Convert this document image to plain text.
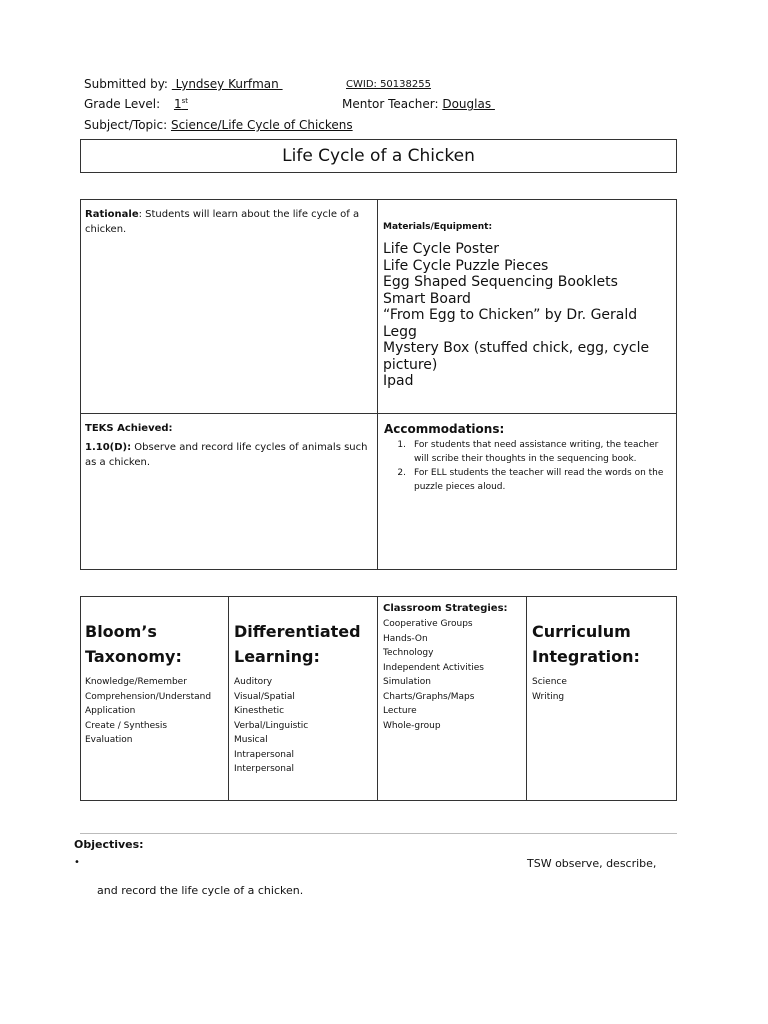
Submitted by:  Lyndsey Kurfman	CWID: 50138255
Grade Level: 1st	Mentor Teacher: Douglas
Subject/Topic: Science/Life Cycle of Chickens
Life Cycle of a Chicken
Rationale: Students will learn about the life cycle of a chicken.	Materials/Equipment:
Life Cycle Poster
Life Cycle Puzzle Pieces
Egg Shaped Sequencing Booklets
Smart Board
“From Egg to Chicken” by Dr. Gerald Legg
Mystery Box (stuffed chick, egg, cycle picture)
Ipad
TEKS Achieved:
1.10(D): Observe and record life cycles of animals such as a chicken.
Accommodations:
1. For students that need assistance writing, the teacher will scribe their thoughts in the sequencing book.
2. For ELL students the teacher will read the words on the puzzle pieces aloud.
Bloom’s Taxonomy:
Knowledge/Remember
Comprehension/Understand
Application
Create / Synthesis
Evaluation
Differentiated Learning:
Auditory
Visual/Spatial
Kinesthetic
Verbal/Linguistic
Musical
Intrapersonal
Interpersonal
Classroom Strategies:
Cooperative Groups
Hands-On
Technology
Independent Activities
Simulation
Charts/Graphs/Maps
Lecture
Whole-group
Curriculum Integration:
Science
Writing
Objectives:
•	TSW observe, describe,
and record the life cycle of a chicken.
